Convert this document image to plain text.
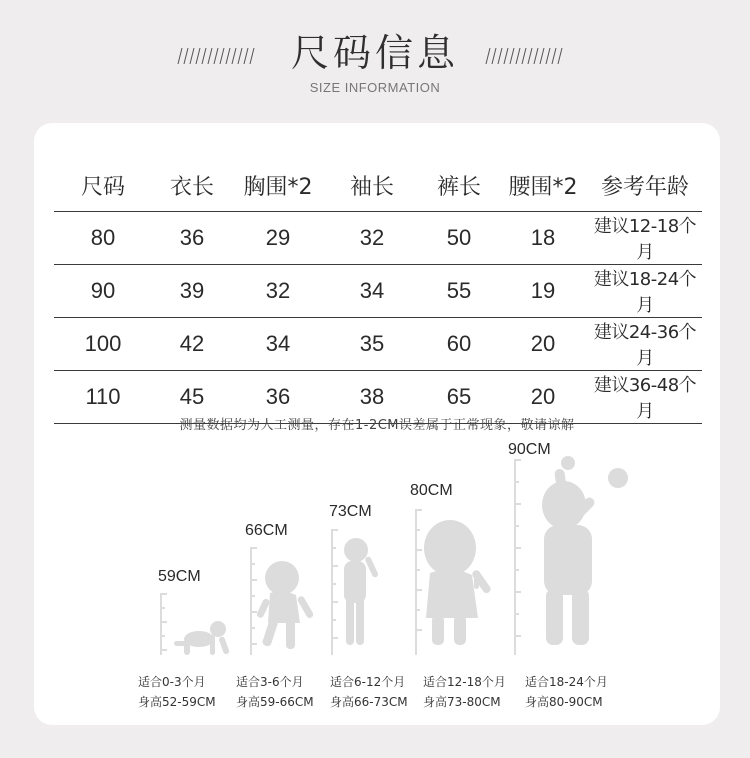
尺码信息
SIZE INFORMATION
尺码	衣长	胸围*2	袖长	裤长	腰围*2	参考年龄
80	36	29	32	50	18	建议12-18个月
90	39	32	34	55	19	建议18-24个月
100	42	34	35	60	20	建议24-36个月
110	45	36	38	65	20	建议36-48个月
测量数据均为人工测量，存在1-2CM误差属于正常现象，敬请谅解
59CM
66CM
73CM
80CM
90CM
适合0-3个月
身高52-59CM
适合3-6个月
身高59-66CM
适合6-12个月
身高66-73CM
适合12-18个月
身高73-80CM
适合18-24个月
身高80-90CM
